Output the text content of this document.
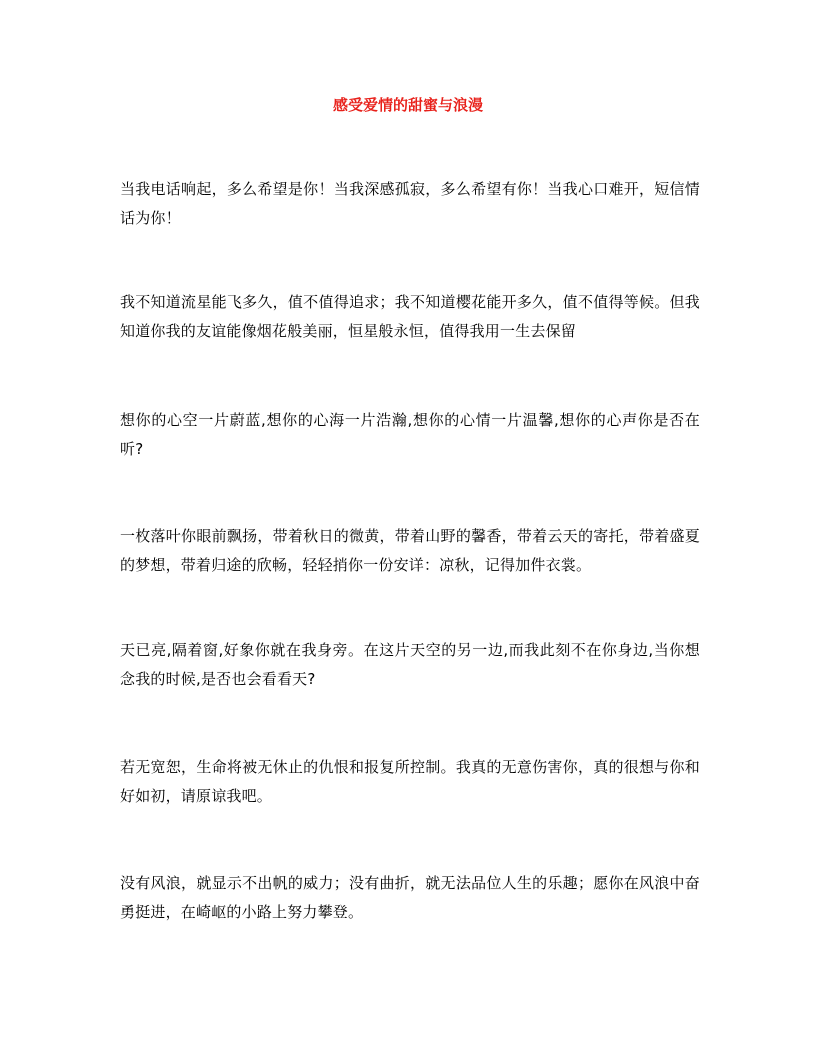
感受爱情的甜蜜与浪漫
当我电话响起，多么希望是你！当我深感孤寂，多么希望有你！当我心口难开，短信情话为你！
我不知道流星能飞多久，值不值得追求；我不知道樱花能开多久，值不值得等候。但我知道你我的友谊能像烟花般美丽，恒星般永恒，值得我用一生去保留
想你的心空一片蔚蓝,想你的心海一片浩瀚,想你的心情一片温馨,想你的心声你是否在听?
一枚落叶你眼前飘扬，带着秋日的微黄，带着山野的馨香，带着云天的寄托，带着盛夏的梦想，带着归途的欣畅，轻轻捎你一份安详：凉秋，记得加件衣裳。
天已亮,隔着窗,好象你就在我身旁。在这片天空的另一边,而我此刻不在你身边,当你想念我的时候,是否也会看看天?
若无宽恕，生命将被无休止的仇恨和报复所控制。我真的无意伤害你，真的很想与你和好如初，请原谅我吧。
没有风浪，就显示不出帆的威力；没有曲折，就无法品位人生的乐趣；愿你在风浪中奋勇挺进，在崎岖的小路上努力攀登。
